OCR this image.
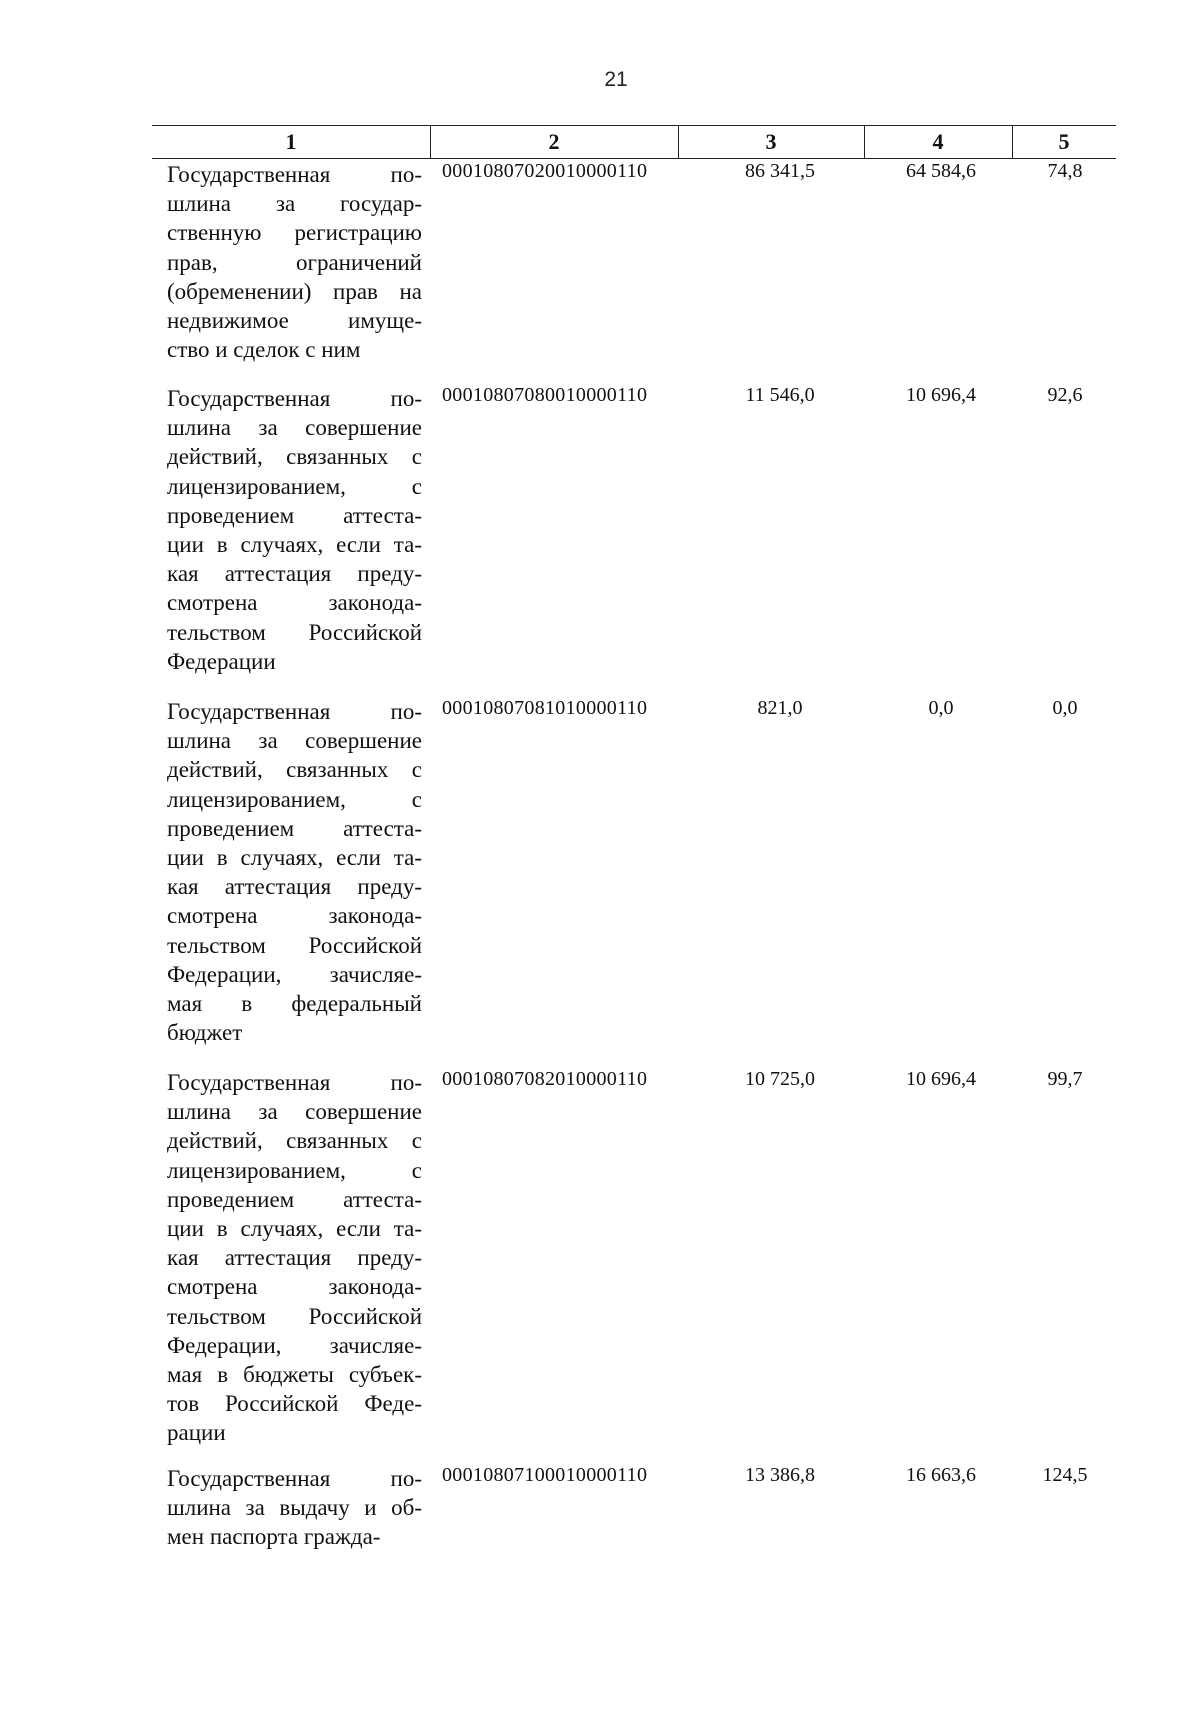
21
1	2	3	4	5
Государственная по-
шлина за государ-
ственную регистрацию
прав, ограничений
(обременении) прав на
недвижимое имуще-
ство и сделок с ним
00010807020010000110	86 341,5	64 584,6	74,8
Государственная по-
шлина за совершение
действий, связанных с
лицензированием, с
проведением аттеста-
ции в случаях, если та-
кая аттестация преду-
смотрена законода-
тельством Российской
Федерации
00010807080010000110	11 546,0	10 696,4	92,6
Государственная по-
шлина за совершение
действий, связанных с
лицензированием, с
проведением аттеста-
ции в случаях, если та-
кая аттестация преду-
смотрена законода-
тельством Российской
Федерации, зачисляе-
мая в федеральный
бюджет
00010807081010000110	821,0	0,0	0,0
Государственная по-
шлина за совершение
действий, связанных с
лицензированием, с
проведением аттеста-
ции в случаях, если та-
кая аттестация преду-
смотрена законода-
тельством Российской
Федерации, зачисляе-
мая в бюджеты субъек-
тов Российской Феде-
рации
00010807082010000110	10 725,0	10 696,4	99,7
Государственная по-
шлина за выдачу и об-
мен паспорта гражда-
00010807100010000110	13 386,8	16 663,6	124,5
